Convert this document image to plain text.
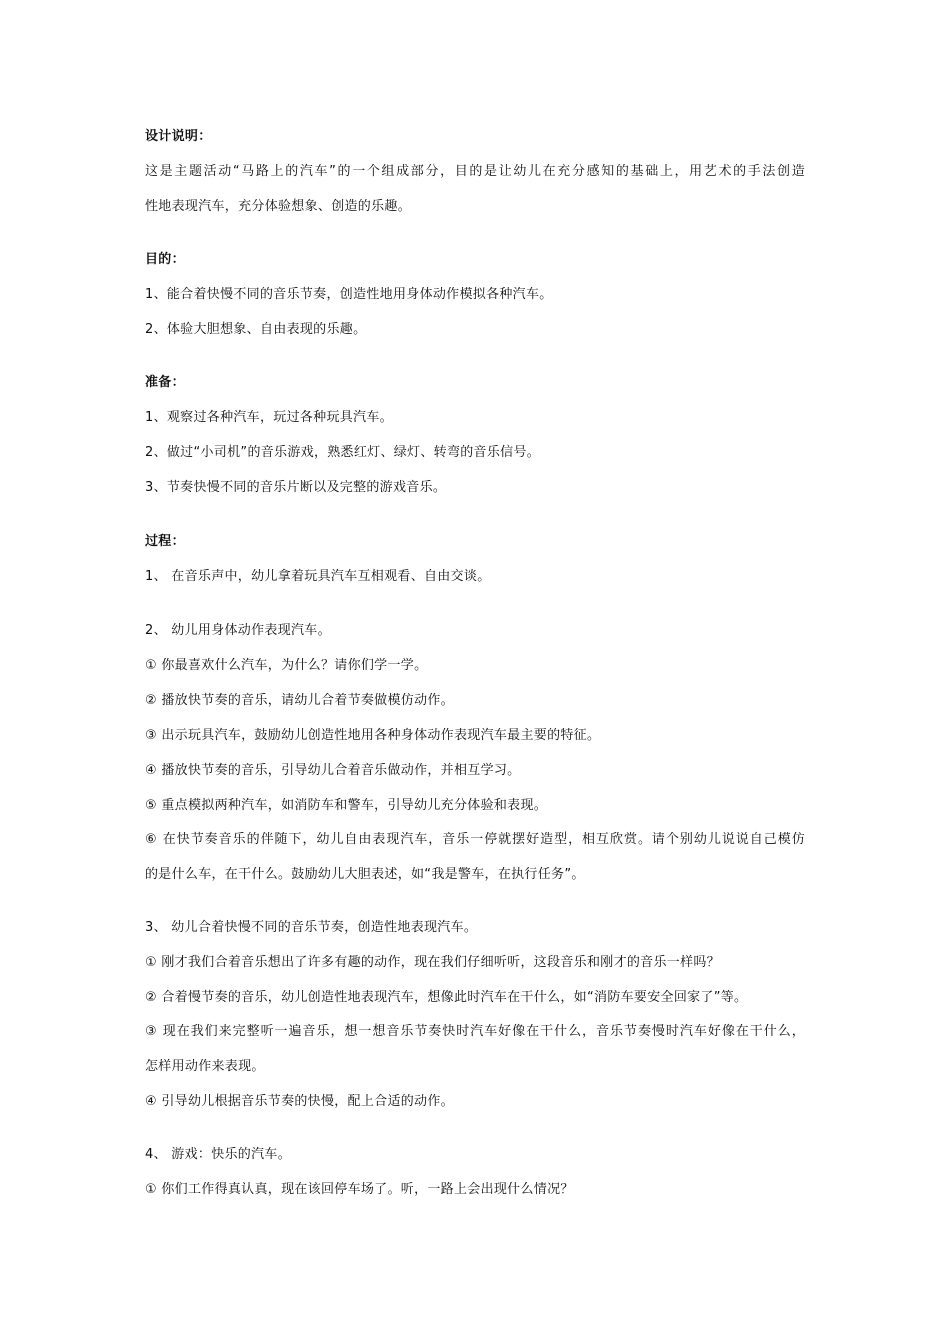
设计说明：
这是主题活动“马路上的汽车”的一个组成部分，目的是让幼儿在充分感知的基础上，用艺术的手法创造
性地表现汽车，充分体验想象、创造的乐趣。
目的：
1、能合着快慢不同的音乐节奏，创造性地用身体动作模拟各种汽车。
2、体验大胆想象、自由表现的乐趣。
准备：
1、观察过各种汽车，玩过各种玩具汽车。
2、做过“小司机”的音乐游戏，熟悉红灯、绿灯、转弯的音乐信号。
3、节奏快慢不同的音乐片断以及完整的游戏音乐。
过程：
1、 在音乐声中，幼儿拿着玩具汽车互相观看、自由交谈。
2、 幼儿用身体动作表现汽车。
① 你最喜欢什么汽车，为什么？请你们学一学。
② 播放快节奏的音乐，请幼儿合着节奏做模仿动作。
③ 出示玩具汽车，鼓励幼儿创造性地用各种身体动作表现汽车最主要的特征。
④ 播放快节奏的音乐，引导幼儿合着音乐做动作，并相互学习。
⑤ 重点模拟两种汽车，如消防车和警车，引导幼儿充分体验和表现。
⑥ 在快节奏音乐的伴随下，幼儿自由表现汽车，音乐一停就摆好造型，相互欣赏。请个别幼儿说说自己模仿
的是什么车，在干什么。鼓励幼儿大胆表述，如“我是警车，在执行任务”。
3、 幼儿合着快慢不同的音乐节奏，创造性地表现汽车。
① 刚才我们合着音乐想出了许多有趣的动作，现在我们仔细听听，这段音乐和刚才的音乐一样吗？
② 合着慢节奏的音乐，幼儿创造性地表现汽车，想像此时汽车在干什么，如“消防车要安全回家了”等。
③ 现在我们来完整听一遍音乐，想一想音乐节奏快时汽车好像在干什么，音乐节奏慢时汽车好像在干什么，
怎样用动作来表现。
④ 引导幼儿根据音乐节奏的快慢，配上合适的动作。
4、 游戏：快乐的汽车。
① 你们工作得真认真，现在该回停车场了。听，一路上会出现什么情况？
